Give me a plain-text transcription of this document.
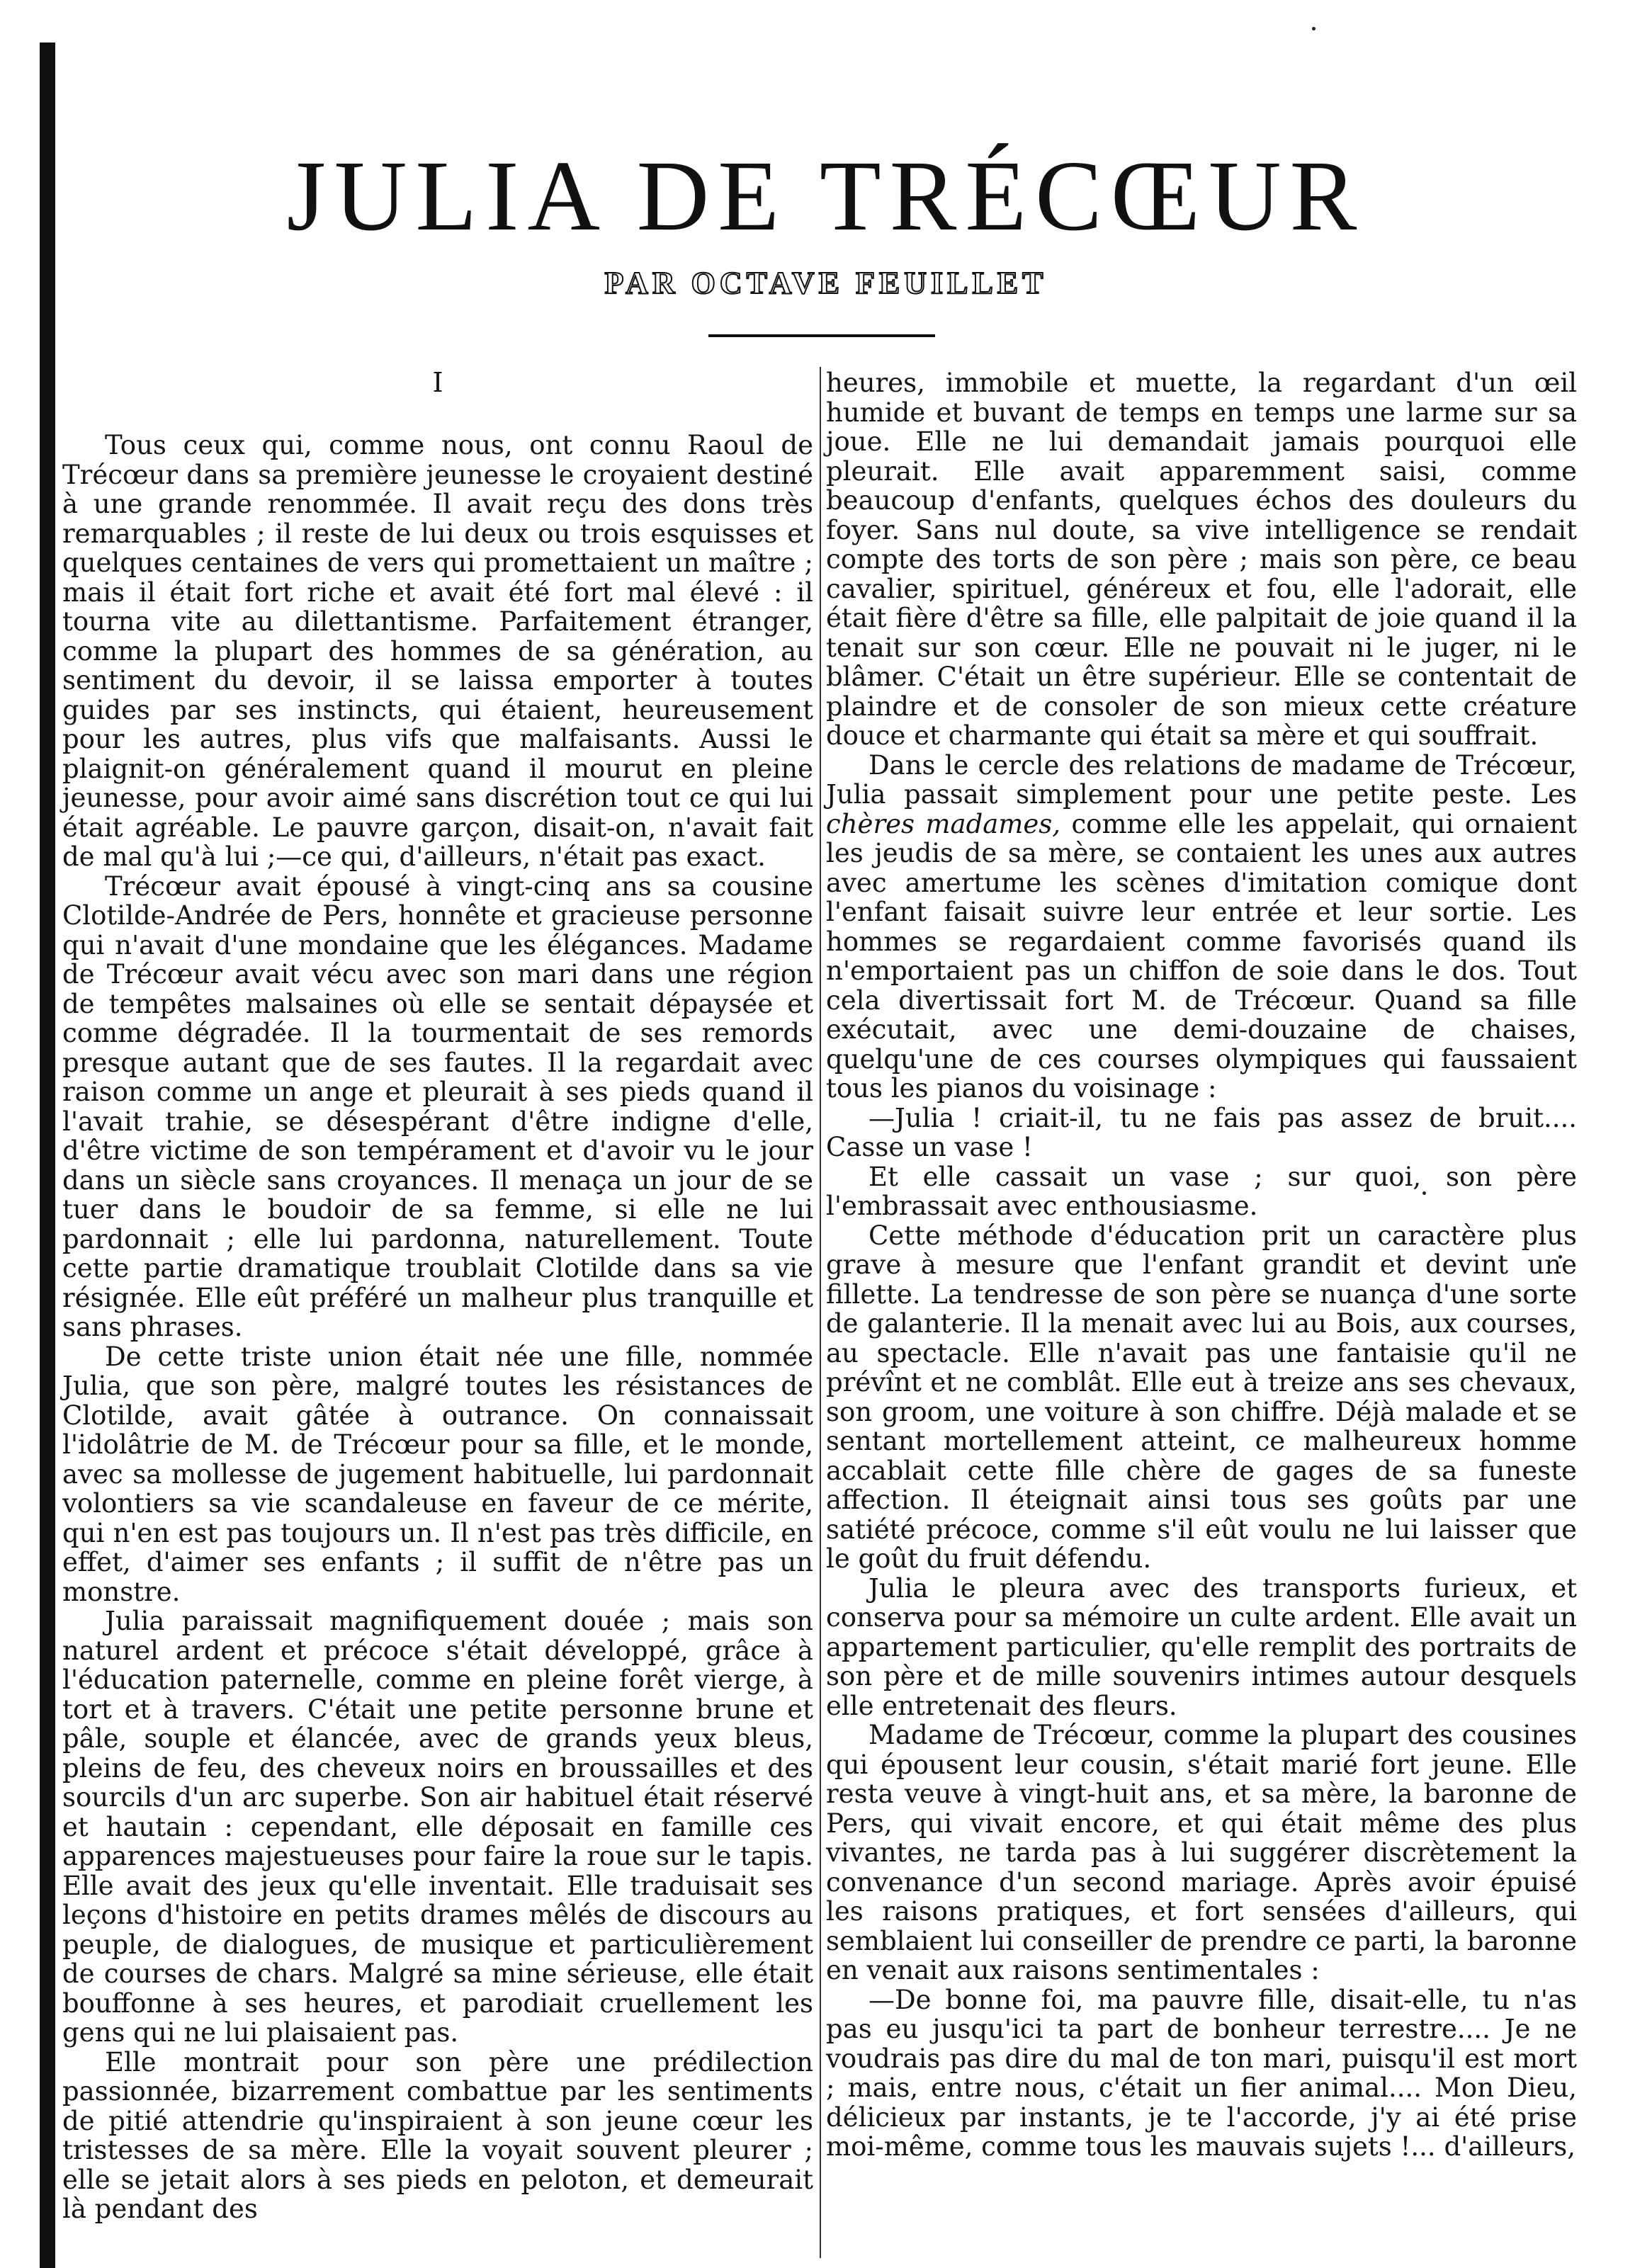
JULIA DE TRÉCŒUR
PAR OCTAVE FEUILLET
I

Tous ceux qui, comme nous, ont connu Raoul de Trécœur dans sa première jeunesse le croyaient destiné à une grande renommée. Il avait reçu des dons très remarquables ; il reste de lui deux ou trois esquisses et quelques centaines de vers qui promettaient un maître ; mais il était fort riche et avait été fort mal élevé : il tourna vite au dilettantisme. Parfaitement étranger, comme la plupart des hommes de sa génération, au sentiment du devoir, il se laissa emporter à toutes guides par ses instincts, qui étaient, heureusement pour les autres, plus vifs que malfaisants. Aussi le plaignit-on généralement quand il mourut en pleine jeunesse, pour avoir aimé sans discrétion tout ce qui lui était agréable. Le pauvre garçon, disait-on, n'avait fait de mal qu'à lui ;—ce qui, d'ailleurs, n'était pas exact.

Trécœur avait épousé à vingt-cinq ans sa cousine Clotilde-Andrée de Pers, honnête et gracieuse personne qui n'avait d'une mondaine que les élégances. Madame de Trécœur avait vécu avec son mari dans une région de tempêtes malsaines où elle se sentait dépaysée et comme dégradée. Il la tourmentait de ses remords presque autant que de ses fautes. Il la regardait avec raison comme un ange et pleurait à ses pieds quand il l'avait trahie, se désespérant d'être indigne d'elle, d'être victime de son tempérament et d'avoir vu le jour dans un siècle sans croyances. Il menaça un jour de se tuer dans le boudoir de sa femme, si elle ne lui pardonnait ; elle lui pardonna, naturellement. Toute cette partie dramatique troublait Clotilde dans sa vie résignée. Elle eût préféré un malheur plus tranquille et sans phrases.

De cette triste union était née une fille, nommée Julia, que son père, malgré toutes les résistances de Clotilde, avait gâtée à outrance. On connaissait l'idolâtrie de M. de Trécœur pour sa fille, et le monde, avec sa mollesse de jugement habituelle, lui pardonnait volontiers sa vie scandaleuse en faveur de ce mérite, qui n'en est pas toujours un. Il n'est pas très difficile, en effet, d'aimer ses enfants ; il suffit de n'être pas un monstre.

Julia paraissait magnifiquement douée ; mais son naturel ardent et précoce s'était développé, grâce à l'éducation paternelle, comme en pleine forêt vierge, à tort et à travers. C'était une petite personne brune et pâle, souple et élancée, avec de grands yeux bleus, pleins de feu, des cheveux noirs en broussailles et des sourcils d'un arc superbe. Son air habituel était réservé et hautain : cependant, elle déposait en famille ces apparences majestueuses pour faire la roue sur le tapis. Elle avait des jeux qu'elle inventait. Elle traduisait ses leçons d'histoire en petits drames mêlés de discours au peuple, de dialogues, de musique et particulièrement de courses de chars. Malgré sa mine sérieuse, elle était bouffonne à ses heures, et parodiait cruellement les gens qui ne lui plaisaient pas.

Elle montrait pour son père une prédilection passionnée, bizarrement combattue par les sentiments de pitié attendrie qu'inspiraient à son jeune cœur les tristesses de sa mère. Elle la voyait souvent pleurer ; elle se jetait alors à ses pieds en peloton, et demeurait là pendant des

heures, immobile et muette, la regardant d'un œil humide et buvant de temps en temps une larme sur sa joue. Elle ne lui demandait jamais pourquoi elle pleurait. Elle avait apparemment saisi, comme beaucoup d'enfants, quelques échos des douleurs du foyer. Sans nul doute, sa vive intelligence se rendait compte des torts de son père ; mais son père, ce beau cavalier, spirituel, généreux et fou, elle l'adorait, elle était fière d'être sa fille, elle palpitait de joie quand il la tenait sur son cœur. Elle ne pouvait ni le juger, ni le blâmer. C'était un être supérieur. Elle se contentait de plaindre et de consoler de son mieux cette créature douce et charmante qui était sa mère et qui souffrait.

Dans le cercle des relations de madame de Trécœur, Julia passait simplement pour une petite peste. Les chères madames, comme elle les appelait, qui ornaient les jeudis de sa mère, se contaient les unes aux autres avec amertume les scènes d'imitation comique dont l'enfant faisait suivre leur entrée et leur sortie. Les hommes se regardaient comme favorisés quand ils n'emportaient pas un chiffon de soie dans le dos. Tout cela divertissait fort M. de Trécœur. Quand sa fille exécutait, avec une demi-douzaine de chaises, quelqu'une de ces courses olympiques qui faussaient tous les pianos du voisinage :

—Julia ! criait-il, tu ne fais pas assez de bruit.... Casse un vase !

Et elle cassait un vase ; sur quoi, son père l'embrassait avec enthousiasme.

Cette méthode d'éducation prit un caractère plus grave à mesure que l'enfant grandit et devint une fillette. La tendresse de son père se nuança d'une sorte de galanterie. Il la menait avec lui au Bois, aux courses, au spectacle. Elle n'avait pas une fantaisie qu'il ne prévînt et ne comblât. Elle eut à treize ans ses chevaux, son groom, une voiture à son chiffre. Déjà malade et se sentant mortellement atteint, ce malheureux homme accablait cette fille chère de gages de sa funeste affection. Il éteignait ainsi tous ses goûts par une satiété précoce, comme s'il eût voulu ne lui laisser que le goût du fruit défendu.

Julia le pleura avec des transports furieux, et conserva pour sa mémoire un culte ardent. Elle avait un appartement particulier, qu'elle remplit des portraits de son père et de mille souvenirs intimes autour desquels elle entretenait des fleurs.

Madame de Trécœur, comme la plupart des cousines qui épousent leur cousin, s'était marié fort jeune. Elle resta veuve à vingt-huit ans, et sa mère, la baronne de Pers, qui vivait encore, et qui était même des plus vivantes, ne tarda pas à lui suggérer discrètement la convenance d'un second mariage. Après avoir épuisé les raisons pratiques, et fort sensées d'ailleurs, qui semblaient lui conseiller de prendre ce parti, la baronne en venait aux raisons sentimentales :

—De bonne foi, ma pauvre fille, disait-elle, tu n'as pas eu jusqu'ici ta part de bonheur terrestre.... Je ne voudrais pas dire du mal de ton mari, puisqu'il est mort ; mais, entre nous, c'était un fier animal.... Mon Dieu, délicieux par instants, je te l'accorde, j'y ai été prise moi-même, comme tous les mauvais sujets !... d'ailleurs,
